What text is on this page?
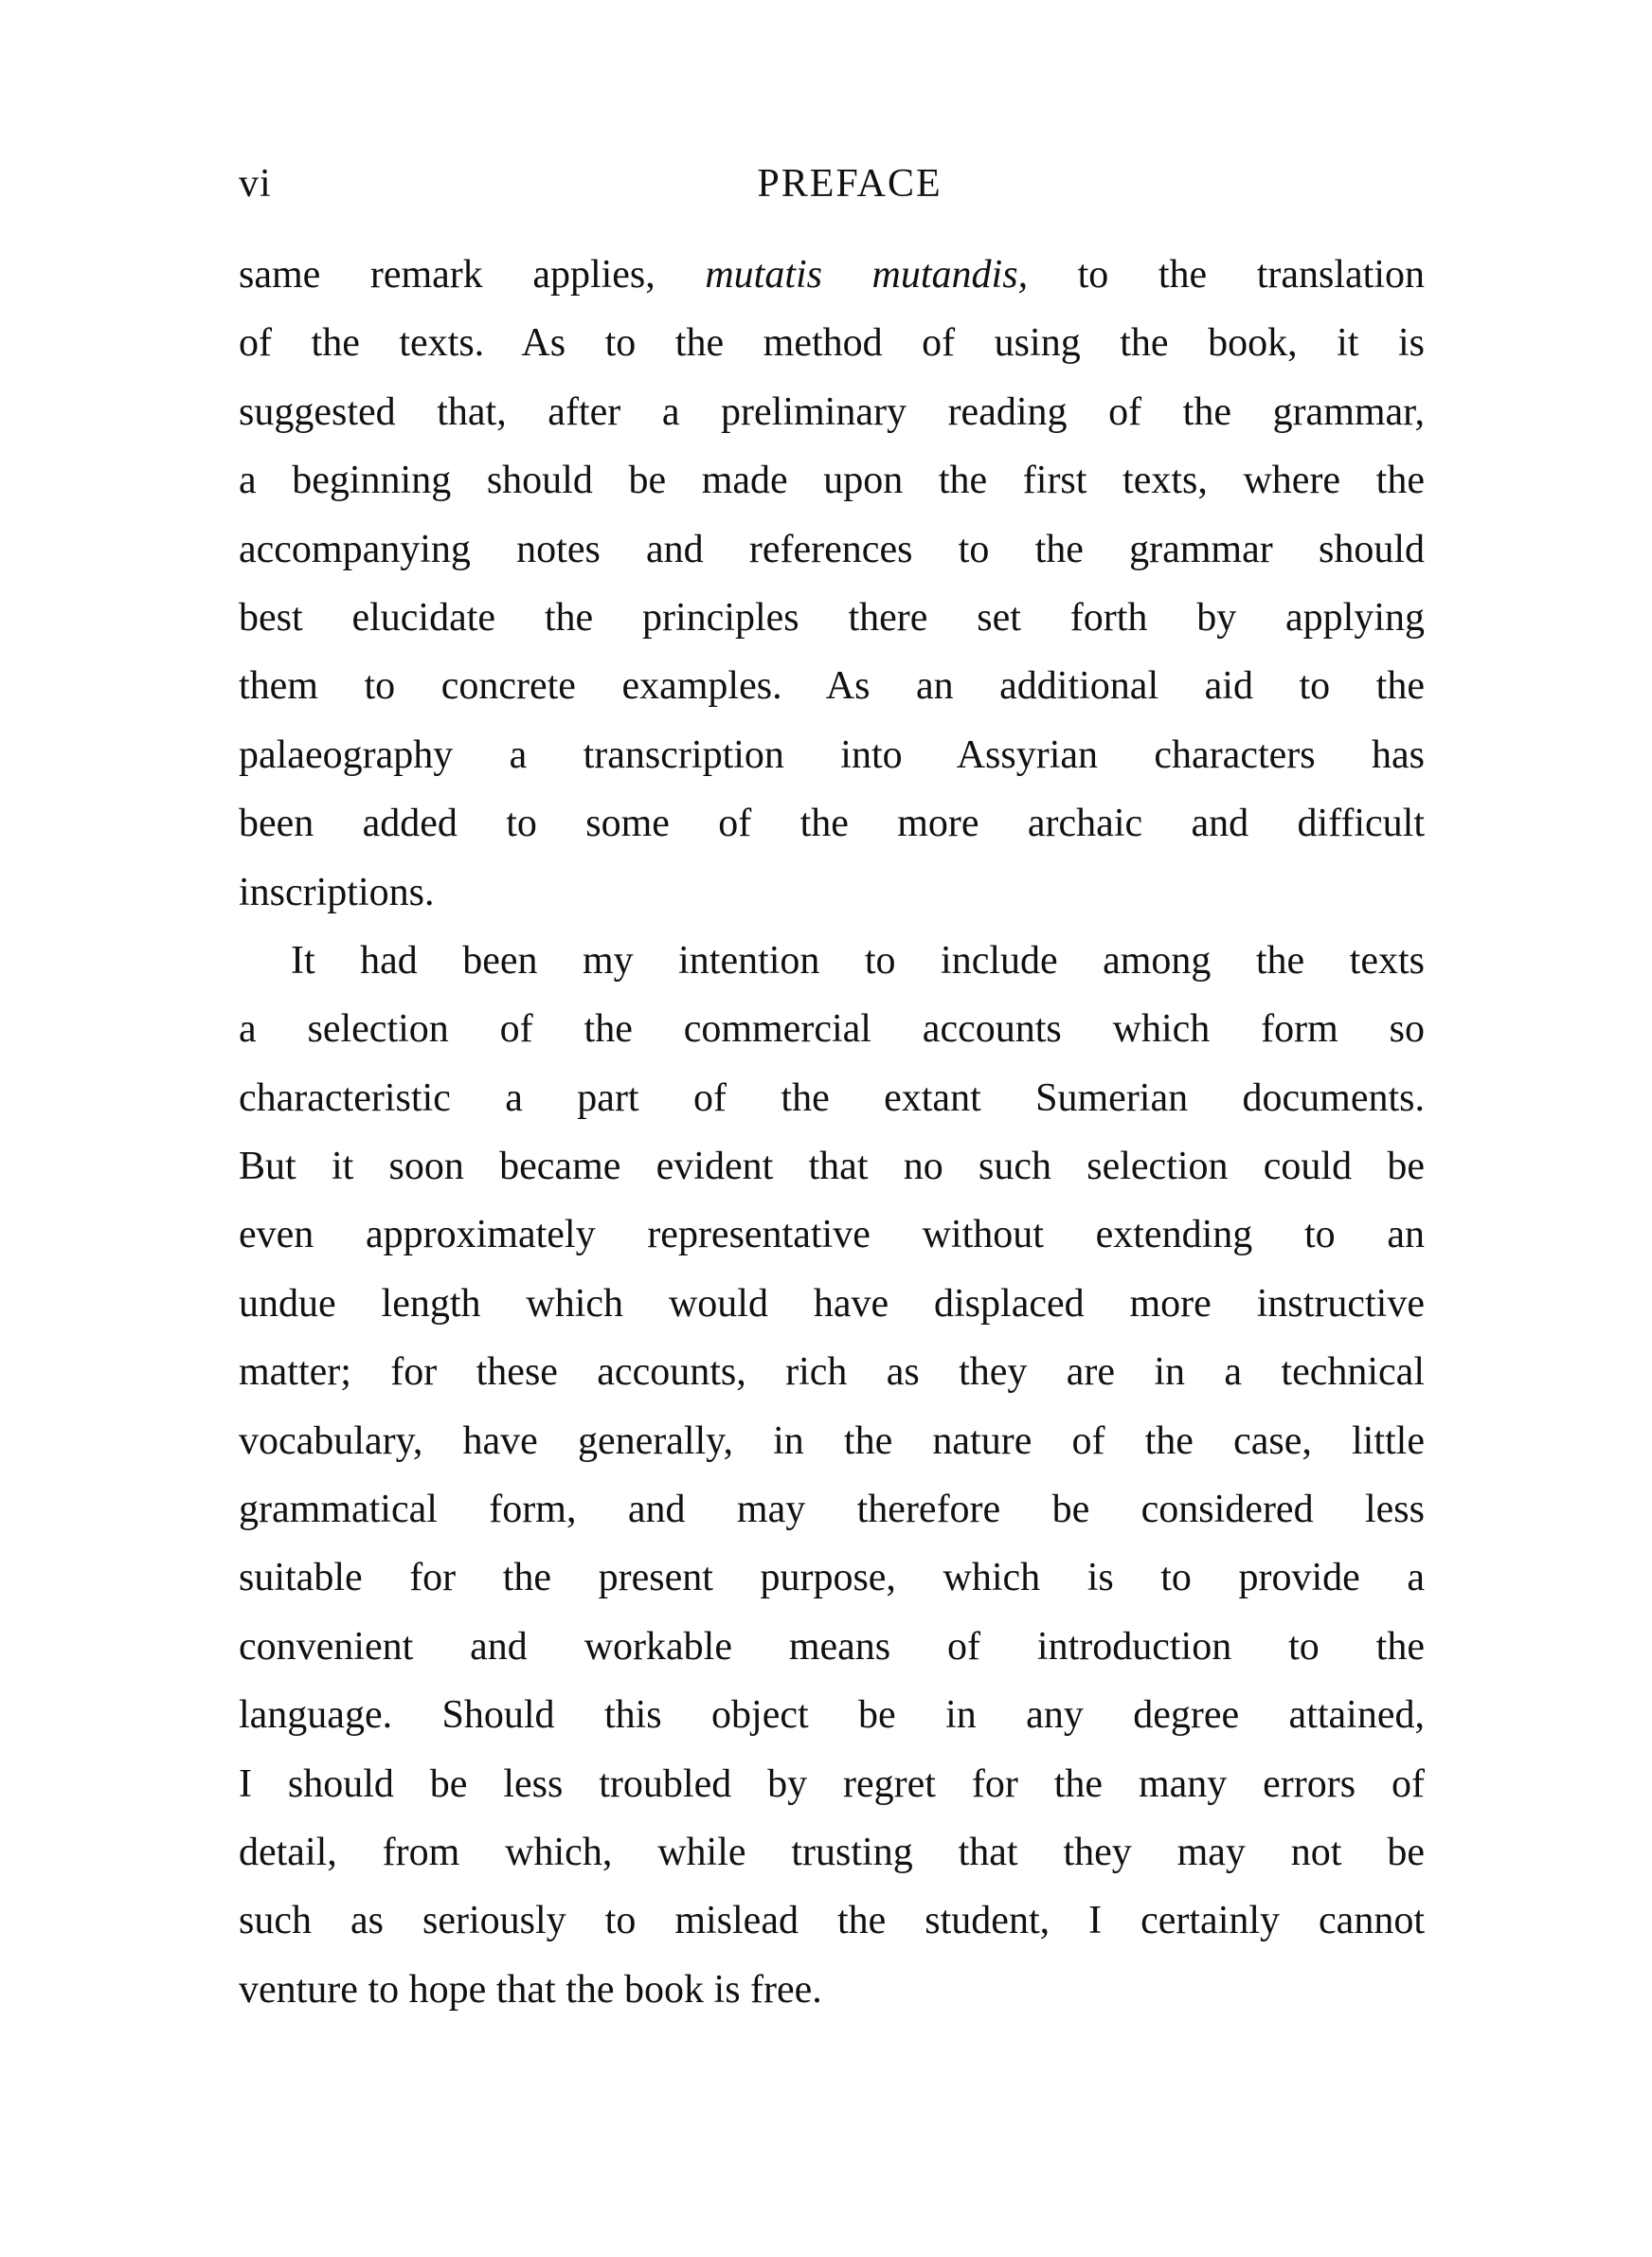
vi	PREFACE
same remark applies, mutatis mutandis, to the translation
of the texts. As to the method of using the book, it is
suggested that, after a preliminary reading of the grammar,
a beginning should be made upon the first texts, where the
accompanying notes and references to the grammar should
best elucidate the principles there set forth by applying
them to concrete examples. As an additional aid to the
palaeography a transcription into Assyrian characters has
been added to some of the more archaic and difficult
inscriptions.
It had been my intention to include among the texts
a selection of the commercial accounts which form so
characteristic a part of the extant Sumerian documents.
But it soon became evident that no such selection could be
even approximately representative without extending to an
undue length which would have displaced more instructive
matter; for these accounts, rich as they are in a technical
vocabulary, have generally, in the nature of the case, little
grammatical form, and may therefore be considered less
suitable for the present purpose, which is to provide a
convenient and workable means of introduction to the
language. Should this object be in any degree attained,
I should be less troubled by regret for the many errors of
detail, from which, while trusting that they may not be
such as seriously to mislead the student, I certainly cannot
venture to hope that the book is free.
